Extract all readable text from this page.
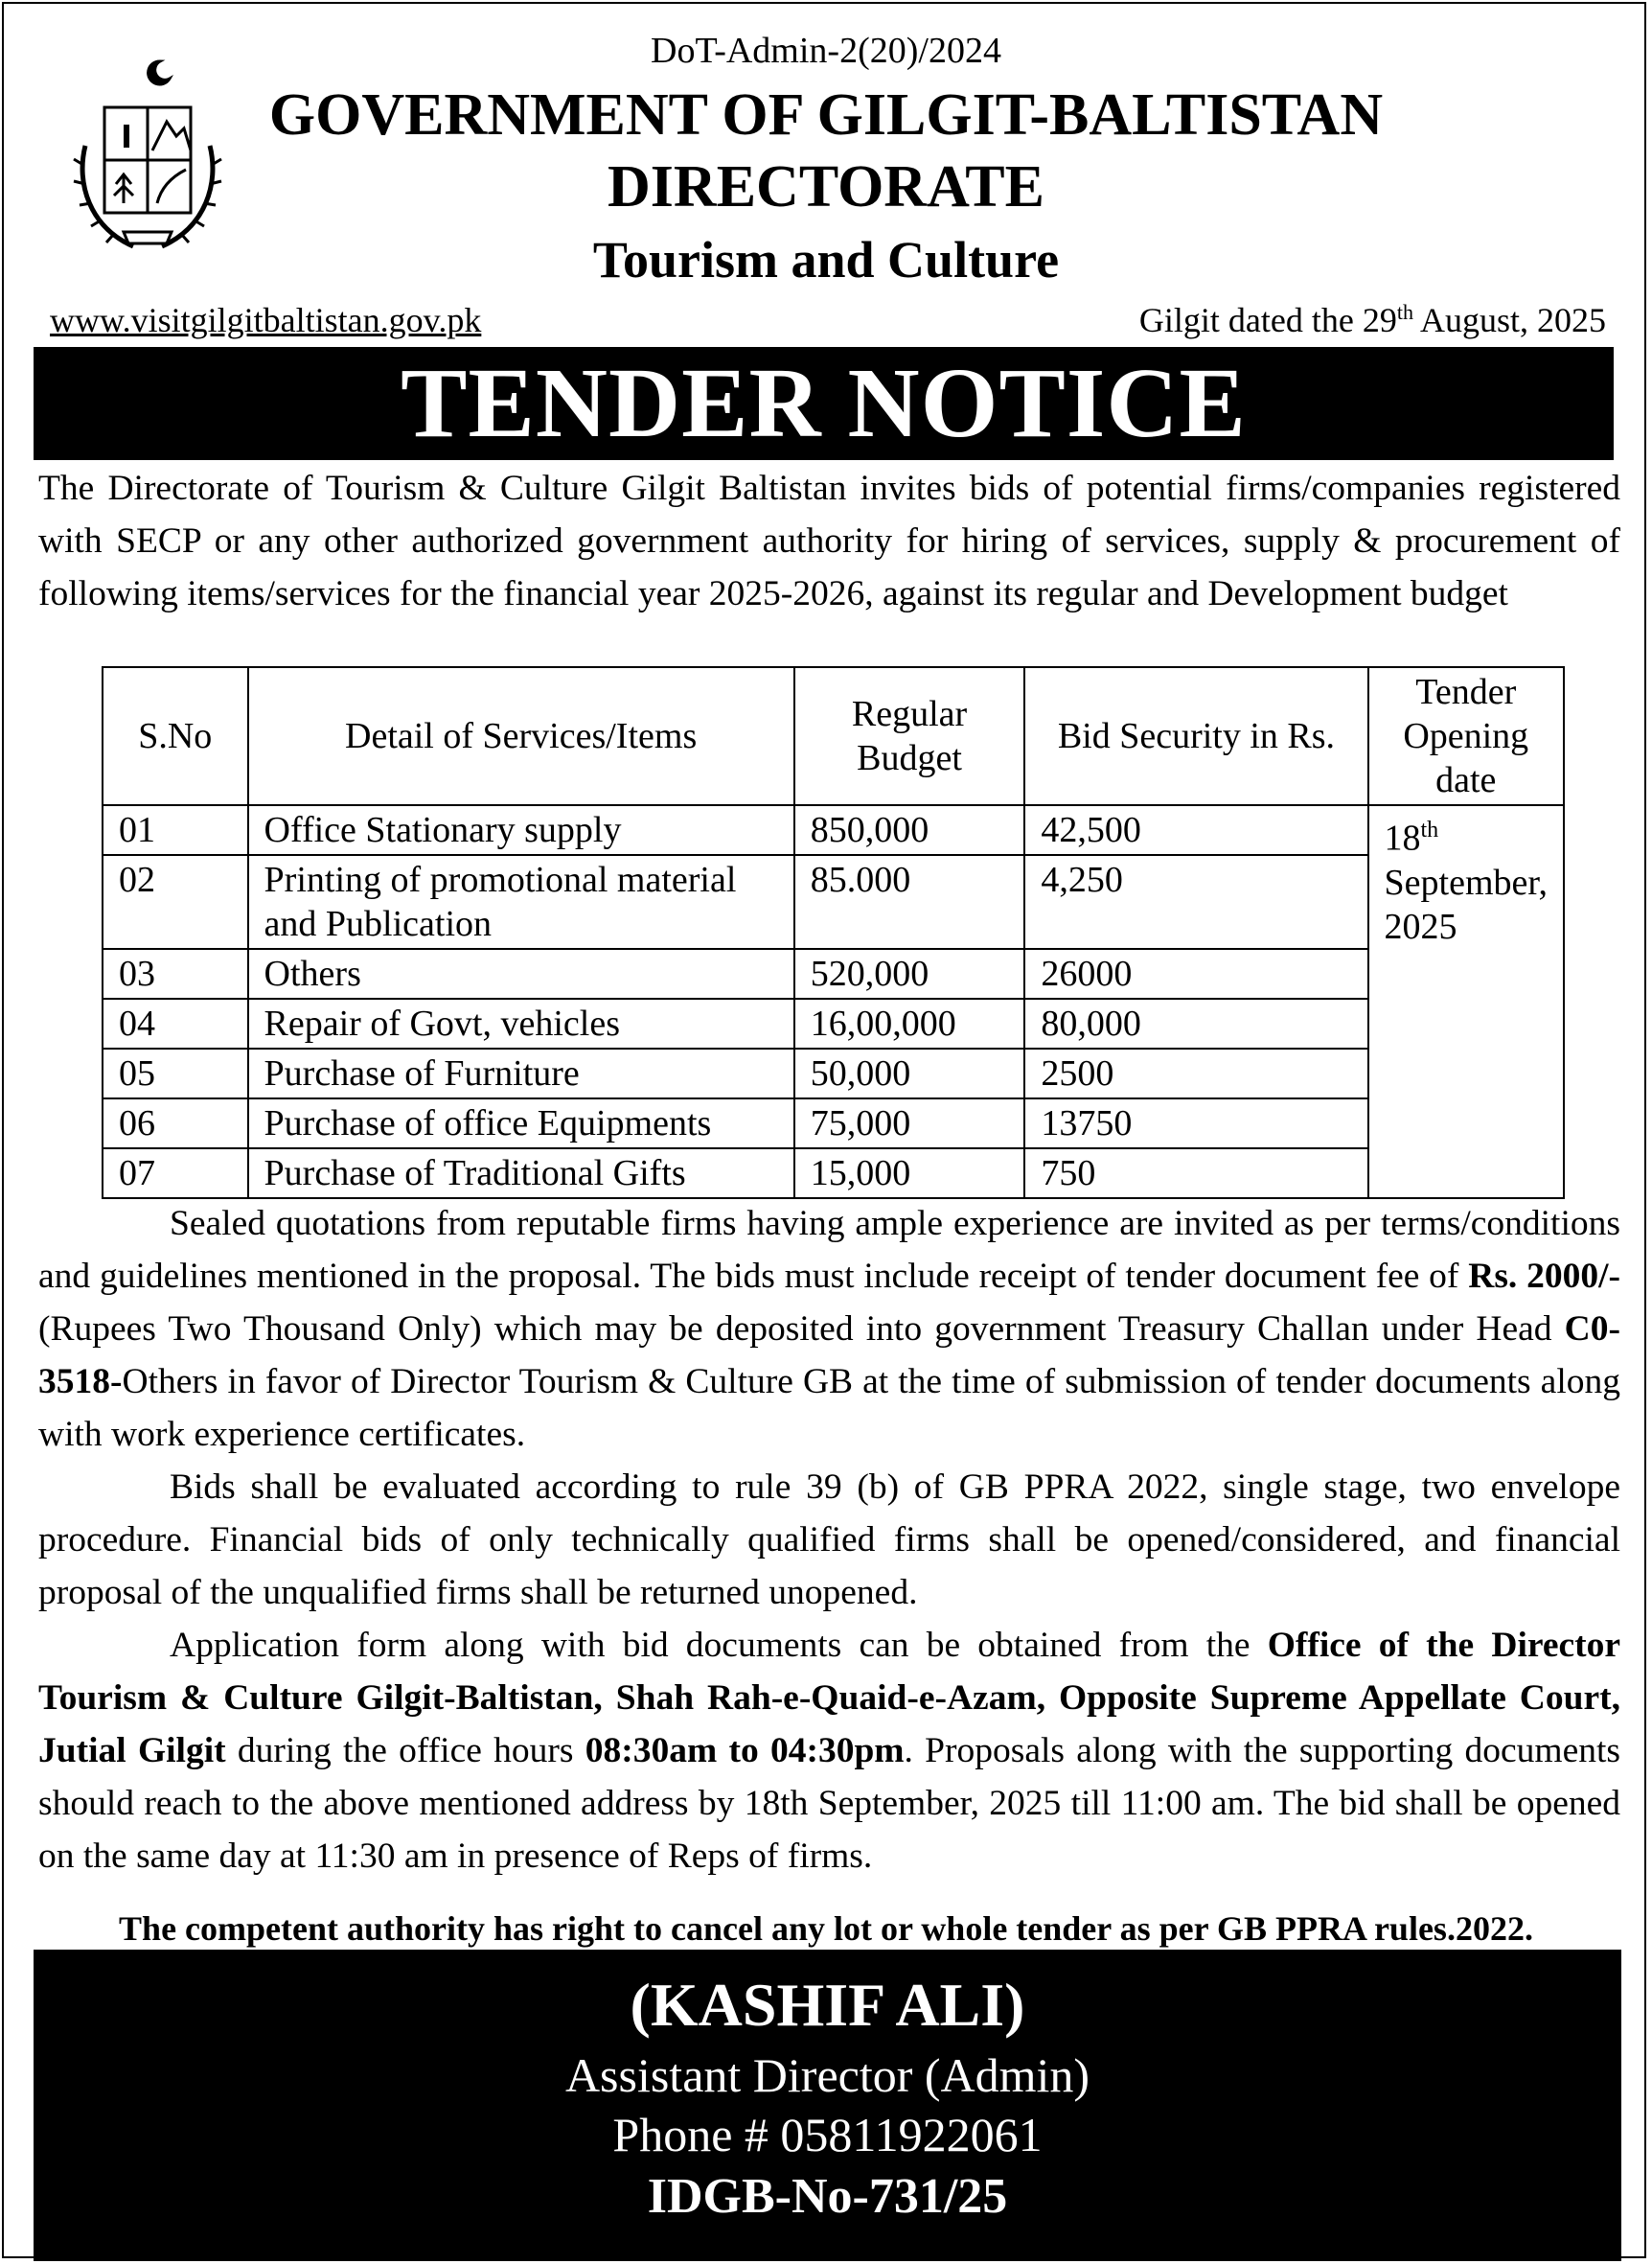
DoT-Admin-2(20)/2024
GOVERNMENT OF GILGIT-BALTISTAN
DIRECTORATE
Tourism and Culture
www.visitgilgitbaltistan.gov.pk	Gilgit dated the 29th August, 2025
TENDER NOTICE

The Directorate of Tourism & Culture Gilgit Baltistan invites bids of potential firms/companies registered with SECP or any other authorized government authority for hiring of services, supply & procurement of following items/services for the financial year 2025-2026, against its regular and Development budget

S.No	Detail of Services/Items	Regular Budget	Bid Security in Rs.	Tender Opening date
01	Office Stationary supply	850,000	42,500	18th
September,
2025
02	Printing of promotional material and Publication	85.000	4,250	
03	Others	520,000	26000	
04	Repair of Govt, vehicles	16,00,000	80,000	
05	Purchase of Furniture	50,000	2500	
06	Purchase of office Equipments	75,000	13750	
07	Purchase of Traditional Gifts	15,000	750	

Sealed quotations from reputable firms having ample experience are invited as per terms/conditions and guidelines mentioned in the proposal. The bids must include receipt of tender document fee of Rs. 2000/- (Rupees Two Thousand Only) which may be deposited into government Treasury Challan under Head C0-3518-Others in favor of Director Tourism & Culture GB at the time of submission of tender documents along with work experience certificates.

Bids shall be evaluated according to rule 39 (b) of GB PPRA 2022, single stage, two envelope procedure. Financial bids of only technically qualified firms shall be opened/considered, and financial proposal of the unqualified firms shall be returned unopened.

Application form along with bid documents can be obtained from the Office of the Director Tourism & Culture Gilgit-Baltistan, Shah Rah-e-Quaid-e-Azam, Opposite Supreme Appellate Court, Jutial Gilgit during the office hours 08:30am to 04:30pm. Proposals along with the supporting documents should reach to the above mentioned address by 18th September, 2025 till 11:00 am. The bid shall be opened on the same day at 11:30 am in presence of Reps of firms.

The competent authority has right to cancel any lot or whole tender as per GB PPRA rules.2022.
(KASHIF ALI)
Assistant Director (Admin)
Phone # 05811922061
IDGB-No-731/25
